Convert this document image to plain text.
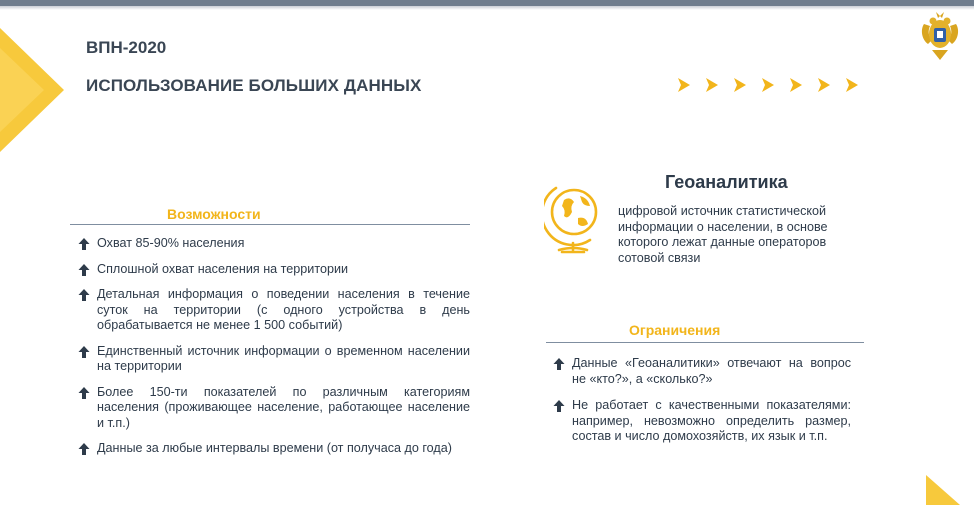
ВПН-2020
ИСПОЛЬЗОВАНИЕ БОЛЬШИХ ДАННЫХ
Возможности
Охват 85-90% населения
Сплошной охват населения на территории
Детальная информация о поведении населения в течение суток на территории (с одного устройства в день обрабатывается не менее 1 500 событий)
Единственный источник информации о временном населении на территории
Более 150-ти показателей по различным категориям населения (проживающее население, работающее население и т.п.)
Данные за любые интервалы времени (от получаса до года)
Геоаналитика
цифровой источник статистической информации о населении, в основе которого лежат данные операторов сотовой связи
Ограничения
Данные «Геоаналитики» отвечают на вопрос не «кто?», а «сколько?»
Не работает с качественными показателями: например, невозможно определить размер, состав и число домохозяйств, их язык и т.п.
